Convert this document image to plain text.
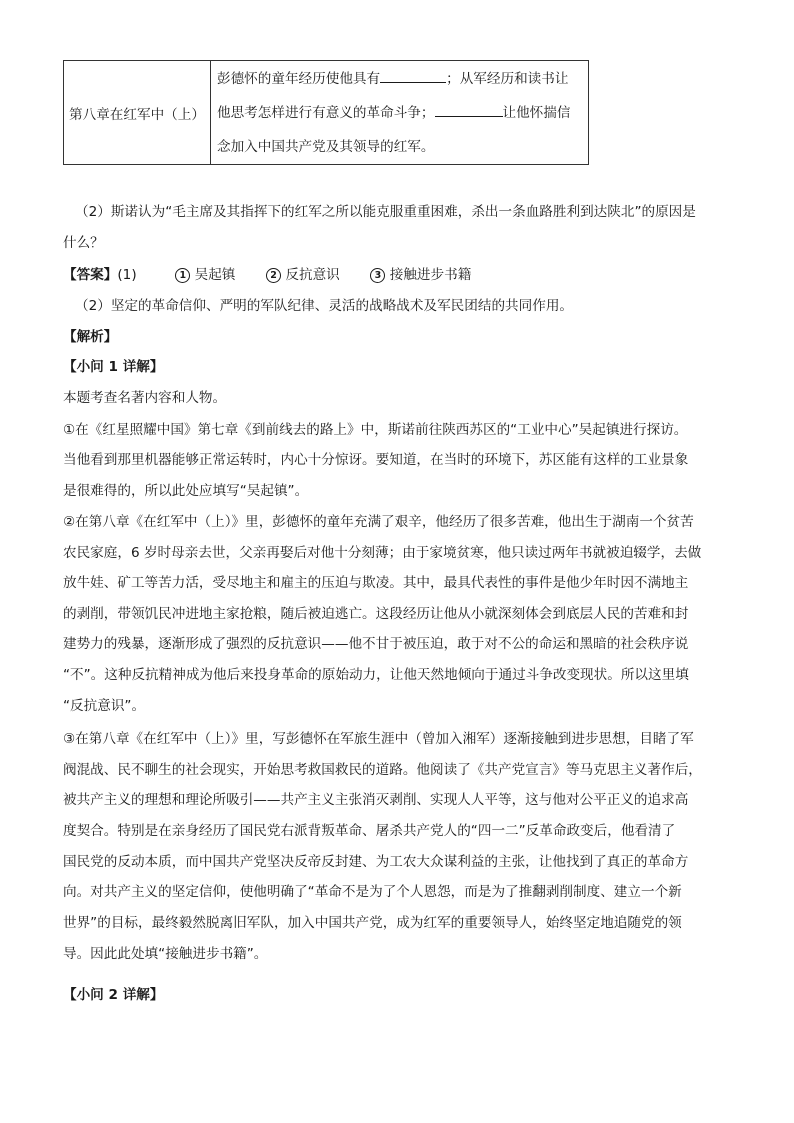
第八章在红军中（上）	
彭德怀的童年经历使他具有	；从军经历和读书让
他思考怎样进行有意义的革命斗争；	让他怀揣信
念加入中国共产党及其领导的红军。
（2）斯诺认为“毛主席及其指挥下的红军之所以能克服重重困难，杀出一条血路胜利到达陕北”的原因是
什么？
【答案】(1)	1 吴起镇	2 反抗意识	3 接触进步书籍
（2）坚定的革命信仰、严明的军队纪律、灵活的战略战术及军民团结的共同作用。
【解析】
【小问 1 详解】
本题考查名著内容和人物。
①在《红星照耀中国》第七章《到前线去的路上》中，斯诺前往陕西苏区的“工业中心”吴起镇进行探访。
当他看到那里机器能够正常运转时，内心十分惊讶。要知道，在当时的环境下，苏区能有这样的工业景象
是很难得的，所以此处应填写“吴起镇”。
②在第八章《在红军中（上）》里，彭德怀的童年充满了艰辛，他经历了很多苦难，他出生于湖南一个贫苦
农民家庭，6 岁时母亲去世，父亲再娶后对他十分刻薄；由于家境贫寒，他只读过两年书就被迫辍学，去做
放牛娃、矿工等苦力活，受尽地主和雇主的压迫与欺凌。其中，最具代表性的事件是他少年时因不满地主
的剥削，带领饥民冲进地主家抢粮，随后被迫逃亡。这段经历让他从小就深刻体会到底层人民的苦难和封
建势力的残暴，逐渐形成了强烈的反抗意识——他不甘于被压迫，敢于对不公的命运和黑暗的社会秩序说
“不”。这种反抗精神成为他后来投身革命的原始动力，让他天然地倾向于通过斗争改变现状。所以这里填
“反抗意识”。
③在第八章《在红军中（上）》里，写彭德怀在军旅生涯中（曾加入湘军）逐渐接触到进步思想，目睹了军
阀混战、民不聊生的社会现实，开始思考救国救民的道路。他阅读了《共产党宣言》等马克思主义著作后，
被共产主义的理想和理论所吸引——共产主义主张消灭剥削、实现人人平等，这与他对公平正义的追求高
度契合。特别是在亲身经历了国民党右派背叛革命、屠杀共产党人的“四一二”反革命政变后，他看清了
国民党的反动本质，而中国共产党坚决反帝反封建、为工农大众谋利益的主张，让他找到了真正的革命方
向。对共产主义的坚定信仰，使他明确了“革命不是为了个人恩怨，而是为了推翻剥削制度、建立一个新
世界”的目标，最终毅然脱离旧军队，加入中国共产党，成为红军的重要领导人，始终坚定地追随党的领
导。因此此处填“接触进步书籍”。
【小问 2 详解】
